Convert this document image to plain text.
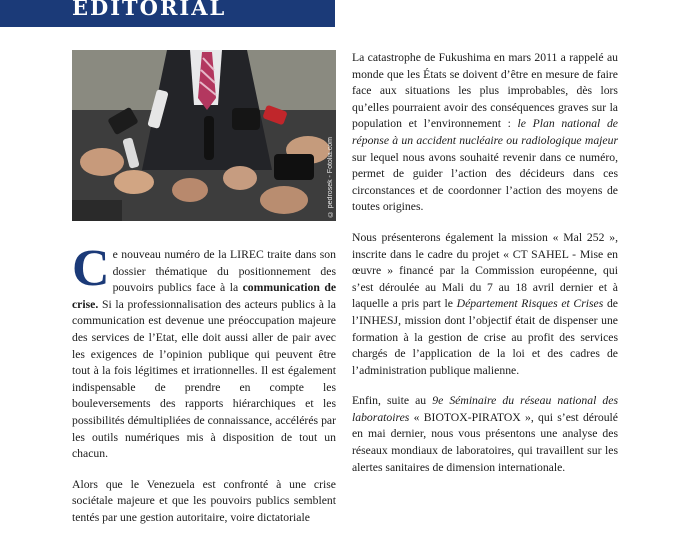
EDITORIAL
© pedrosek - Fotolia.com

Ce nouveau numéro de la LIREC traite dans son dossier thématique du positionnement des pouvoirs publics face à la communication de crise. Si la professionnalisation des acteurs publics à la communication est devenue une préoccupation majeure des services de l’Etat, elle doit aussi aller de pair avec les exigences de l’opinion publique qui peuvent être tout à la fois légitimes et irrationnelles. Il est également indispensable de prendre en compte les bouleversements des rapports hiérarchiques et les possibilités démultipliées de connaissance, accélérés par les outils numériques mis à disposition de tout un chacun.

Alors que le Venezuela est confronté à une crise sociétale majeure et que les pouvoirs publics semblent tentés par une gestion autoritaire, voire dictatoriale

La catastrophe de Fukushima en mars 2011 a rappelé au monde que les États se doivent d’être en mesure de faire face aux situations les plus improbables, dès lors qu’elles pourraient avoir des conséquences graves sur la population et l’environnement : le Plan national de réponse à un accident nucléaire ou radiologique majeur sur lequel nous avons souhaité revenir dans ce numéro, permet de guider l’action des décideurs dans ces circonstances et de coordonner l’action des moyens de toutes origines.

Nous présenterons également la mission « Mal 252 », inscrite dans le cadre du projet « CT SAHEL - Mise en œuvre » financé par la Commission européenne, qui s’est déroulée au Mali du 7 au 18 avril dernier et à laquelle a pris part le Département Risques et Crises de l’INHESJ, mission dont l’objectif était de dispenser une formation à la gestion de crise au profit des services chargés de l’application de la loi et des cadres de l’administration publique malienne.

Enfin, suite au 9e Séminaire du réseau national des laboratoires « BIOTOX-PIRATOX », qui s’est déroulé en mai dernier, nous vous présentons une analyse des réseaux mondiaux de laboratoires, qui travaillent sur les alertes sanitaires de dimension internationale.
